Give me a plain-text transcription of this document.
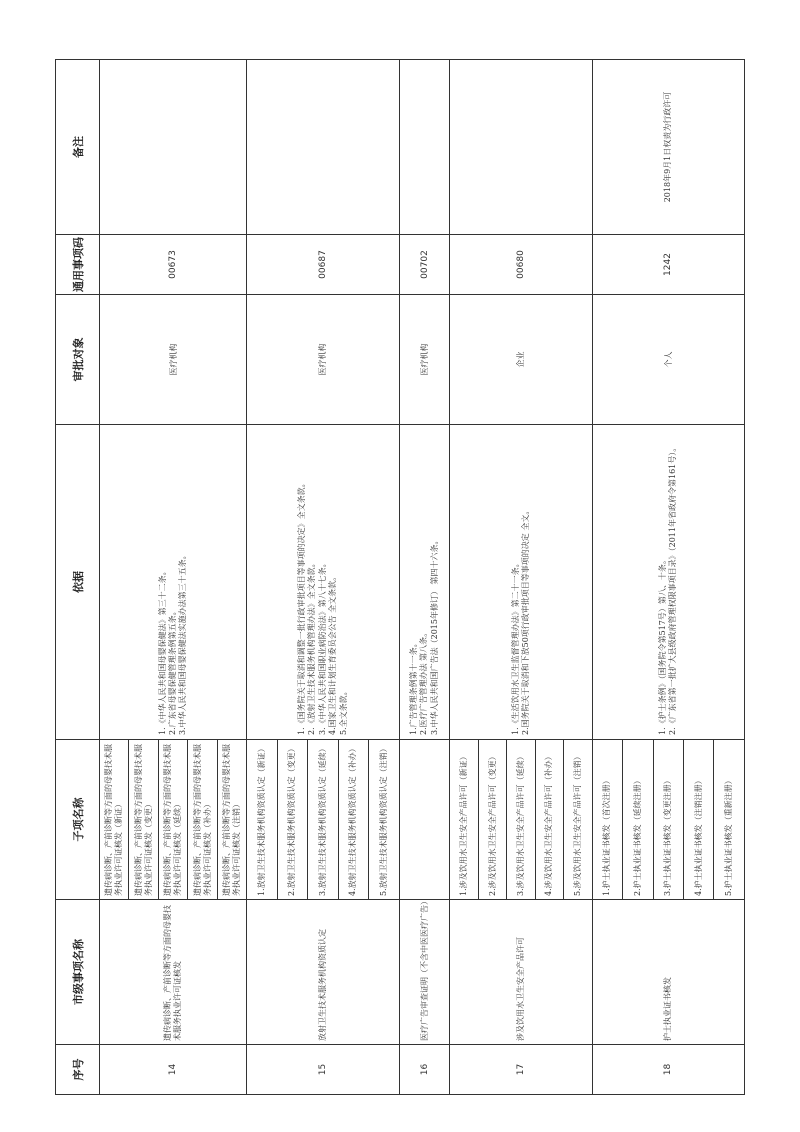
序号	市级事项名称	子项名称	依据	审批对象	通用事项码	备注
14	遗传病诊断、产前诊断等方面的母婴技术服务执业许可证核发	遗传病诊断、产前诊断等方面的母婴技术服务执业许可证核发（新证）	1.《中华人民共和国母婴保健法》第三十二条。 2.广东省母婴保健管理条例第五条。 3.中华人民共和国母婴保健法实施办法第三十五条。	医疗机构	00673	
		遗传病诊断、产前诊断等方面的母婴技术服务执业许可证核发（变更）				
		遗传病诊断、产前诊断等方面的母婴技术服务执业许可证核发（延续）				
		遗传病诊断、产前诊断等方面的母婴技术服务执业许可证核发（补办）				
		遗传病诊断、产前诊断等方面的母婴技术服务执业许可证核发（注销）				
15	放射卫生技术服务机构资质认定	1.放射卫生技术服务机构资质认定（新证）	1.《国务院关于取消和调整一批行政审批项目等事项的决定》全文条款。 2.《放射卫生技术服务机构管理办法》全文条款。 3.《中华人民共和国职业病防治法》第八十七条。 4.国家卫生和计划生育委员会公告 全文条款。 5.全文条款。	医疗机构	00687	
		2.放射卫生技术服务机构资质认定（变更）				
		3.放射卫生技术服务机构资质认定（延续）				
		4.放射卫生技术服务机构资质认定（补办）				
		5.放射卫生技术服务机构资质认定（注销）				
16	医疗广告审查证明（不含中医医疗广告）		1.广告管理条例第十一条。 2.医疗广告管理办法 第八条。 3.中华人民共和国广告法（2015年修订） 第四十六条。	医疗机构	00702	
17	涉及饮用水卫生安全产品许可	1.涉及饮用水卫生安全产品许可（新证）	1.《生活饮用水卫生监督管理办法》第二十一条。 2.国务院关于取消和下放50项行政审批项目等事项的决定 全文。	企业	00680	
		2.涉及饮用水卫生安全产品许可（变更）				
		3.涉及饮用水卫生安全产品许可（延续）				
		4.涉及饮用水卫生安全产品许可（补办）				
		5.涉及饮用水卫生安全产品许可（注销）				
18	护士执业证书核发	1.护士执业证书核发（首次注册）	1.《护士条例》（国务院令第517号）第八、十条。 2.《广东省第一批扩大县级政府管理权限事项目录》（2011年省政府令第161号）。	个人	1242	2018年9月1日权责为行政许可
		2.护士执业证书核发（延续注册）				
		3.护士执业证书核发（变更注册）				
		4.护士执业证书核发（注销注册）				
		5.护士执业证书核发（重新注册）				
